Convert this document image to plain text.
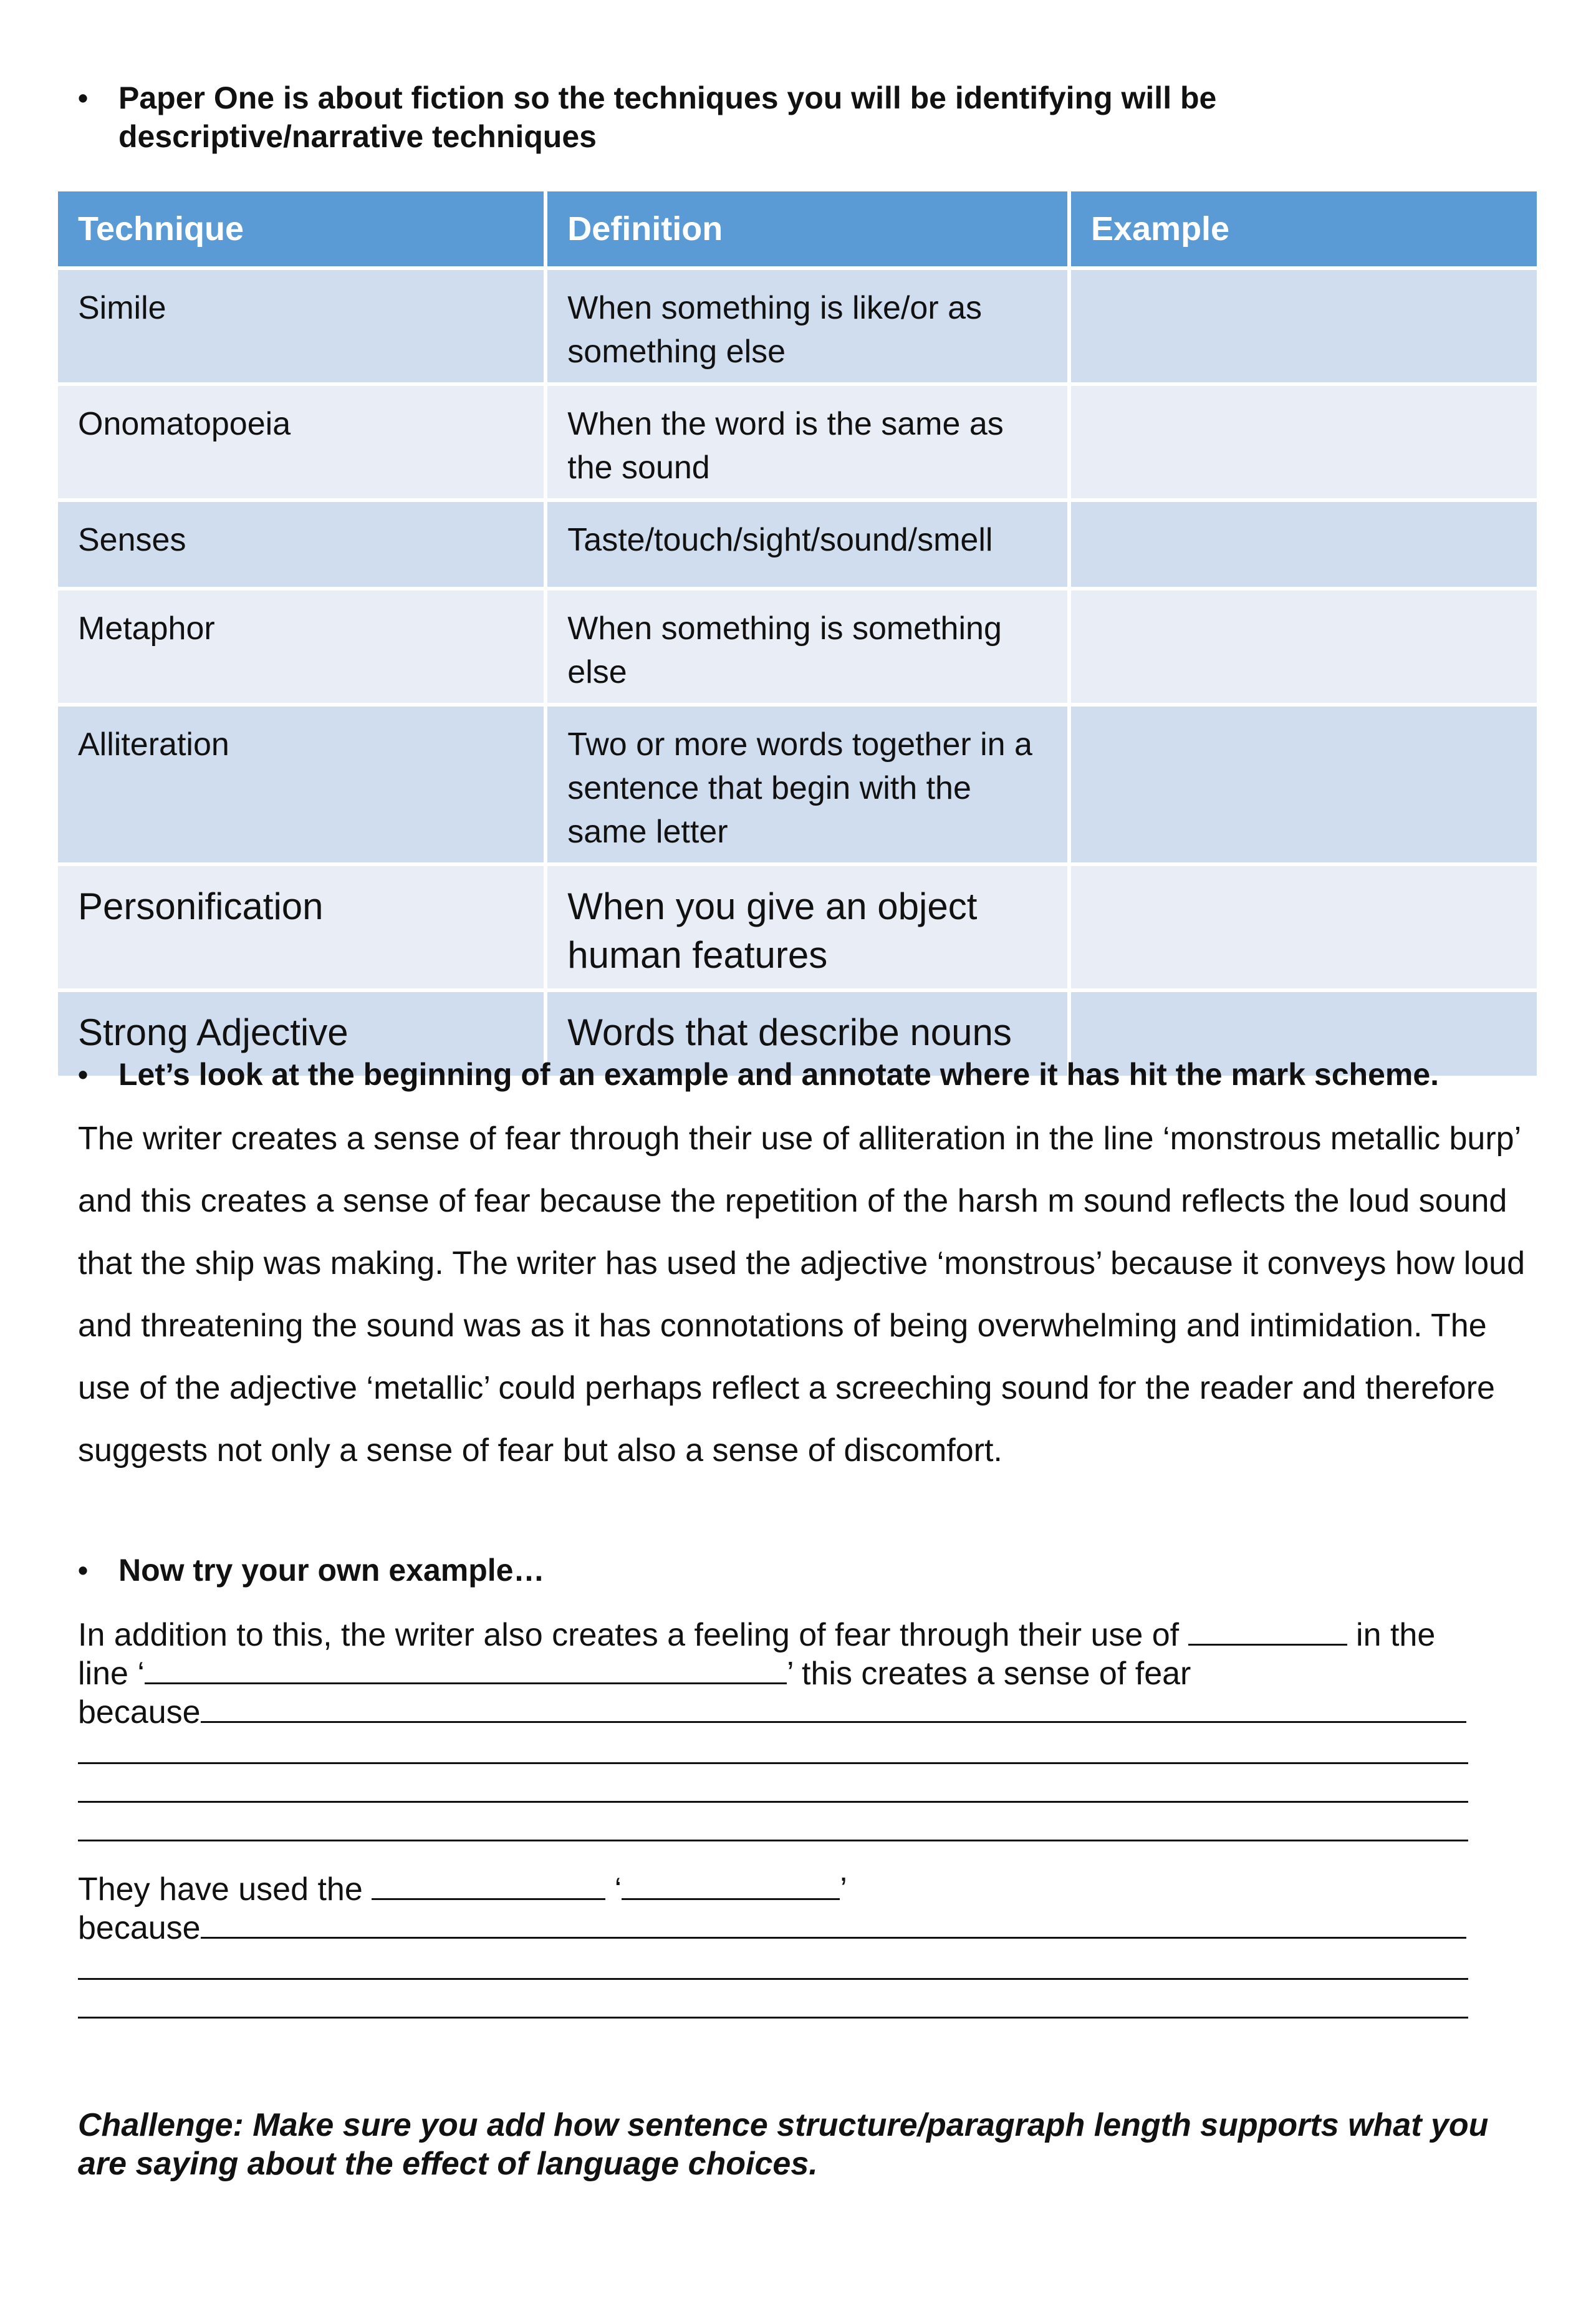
• Paper One is about fiction so the techniques you will be identifying will be
descriptive/narrative techniques
Technique	Definition	Example
Simile	When something is like/or as something else	
Onomatopoeia	When the word is the same as the sound	
Senses	Taste/touch/sight/sound/smell	
Metaphor	When something is something else	
Alliteration	Two or more words together in a sentence that begin with the same letter	
Personification	When you give an object human features	
Strong Adjective	Words that describe nouns	
• Let’s look at the beginning of an example and annotate where it has hit the mark scheme.
The writer creates a sense of fear through their use of alliteration in the line ‘monstrous metallic burp’ and this creates a sense of fear because the repetition of the harsh m sound reflects the loud sound that the ship was making. The writer has used the adjective ‘monstrous’ because it conveys how loud and threatening the sound was as it has connotations of being overwhelming and intimidation. The use of the adjective ‘metallic’ could perhaps reflect a screeching sound for the reader and therefore suggests not only a sense of fear but also a sense of discomfort.
• Now try your own example…
In addition to this, the writer also creates a feeling of fear through their use of	in the
line ‘	’ this creates a sense of fear
because
They have used the	‘	’
because
Challenge: Make sure you add how sentence structure/paragraph length supports what you are saying about the effect of language choices.
